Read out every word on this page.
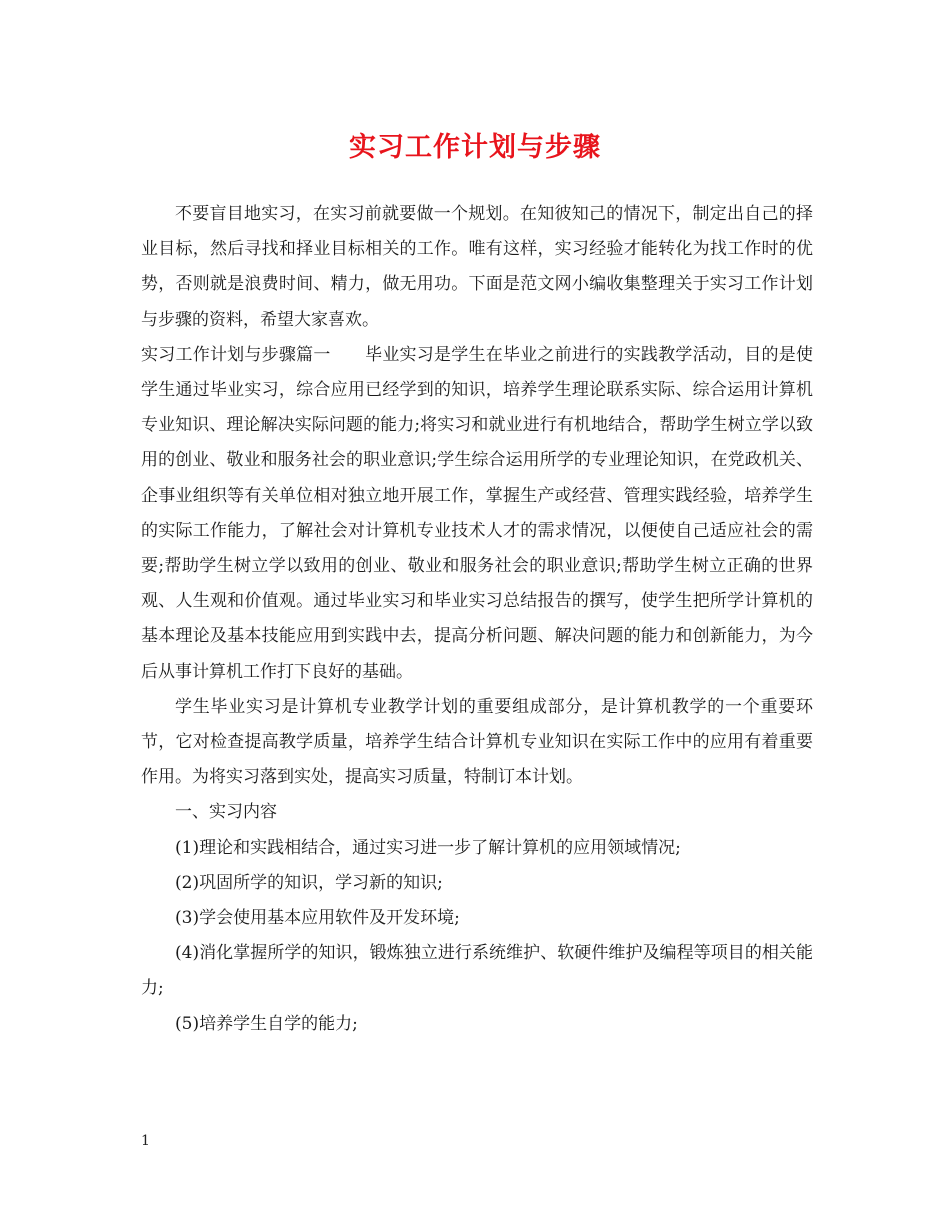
实习工作计划与步骤

不要盲目地实习，在实习前就要做一个规划。在知彼知己的情况下，制定出自己的择业目标，然后寻找和择业目标相关的工作。唯有这样，实习经验才能转化为找工作时的优势，否则就是浪费时间、精力，做无用功。下面是范文网小编收集整理关于实习工作计划与步骤的资料，希望大家喜欢。

实习工作计划与步骤篇一　　毕业实习是学生在毕业之前进行的实践教学活动，目的是使学生通过毕业实习，综合应用已经学到的知识，培养学生理论联系实际、综合运用计算机专业知识、理论解决实际问题的能力;将实习和就业进行有机地结合，帮助学生树立学以致用的创业、敬业和服务社会的职业意识;学生综合运用所学的专业理论知识，在党政机关、企事业组织等有关单位相对独立地开展工作，掌握生产或经营、管理实践经验，培养学生的实际工作能力，了解社会对计算机专业技术人才的需求情况，以便使自己适应社会的需要;帮助学生树立学以致用的创业、敬业和服务社会的职业意识;帮助学生树立正确的世界观、人生观和价值观。通过毕业实习和毕业实习总结报告的撰写，使学生把所学计算机的基本理论及基本技能应用到实践中去，提高分析问题、解决问题的能力和创新能力，为今后从事计算机工作打下良好的基础。

学生毕业实习是计算机专业教学计划的重要组成部分，是计算机教学的一个重要环节，它对检查提高教学质量，培养学生结合计算机专业知识在实际工作中的应用有着重要作用。为将实习落到实处，提高实习质量，特制订本计划。

一、实习内容

(1)理论和实践相结合，通过实习进一步了解计算机的应用领域情况;

(2)巩固所学的知识，学习新的知识;

(3)学会使用基本应用软件及开发环境;

(4)消化掌握所学的知识，锻炼独立进行系统维护、软硬件维护及编程等项目的相关能力;

(5)培养学生自学的能力;

1
